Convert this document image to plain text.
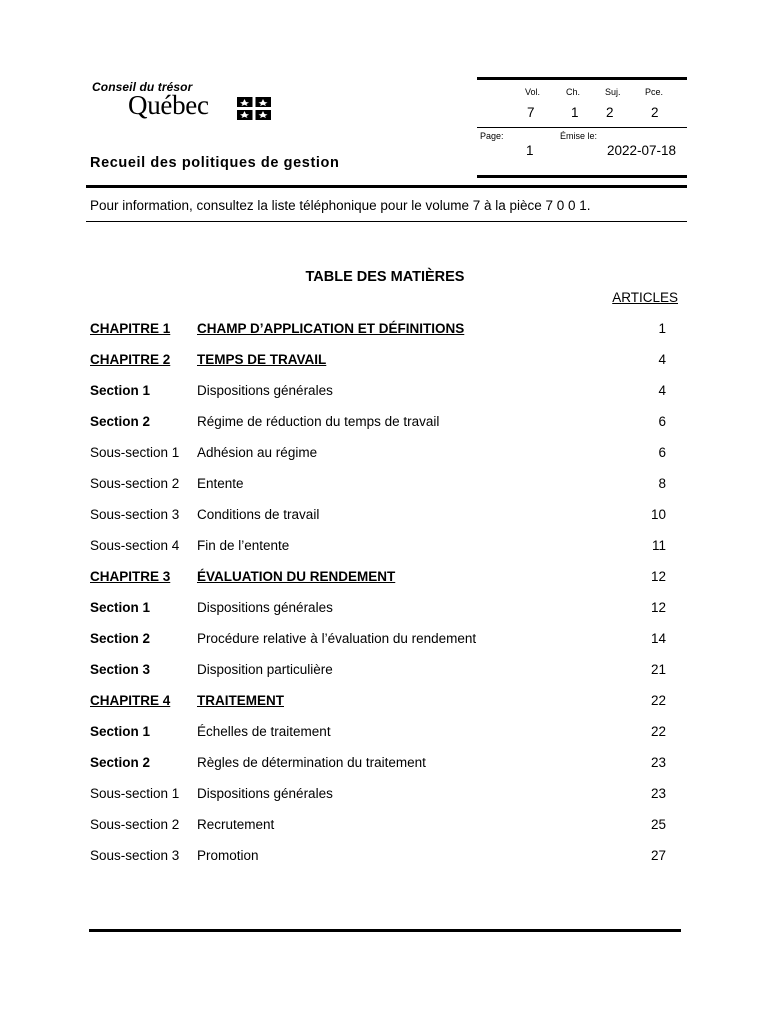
Conseil du trésor
Québec
Recueil des politiques de gestion
Vol.	Ch.	Suj.	Pce.
7	1 2	2
Page:	Émise le:
1	2022-07-18
Pour information, consultez la liste téléphonique pour le volume 7 à la pièce 7 0 0 1.
TABLE DES MATIÈRES
ARTICLES
CHAPITRE 1 CHAMP D’APPLICATION ET DÉFINITIONS	1
CHAPITRE 2 TEMPS DE TRAVAIL	4
Section 1	Dispositions générales	4
Section 2	Régime de réduction du temps de travail	6
Sous-section 1 Adhésion au régime	6
Sous-section 2 Entente	8
Sous-section 3 Conditions de travail	10
Sous-section 4 Fin de l’entente	11
CHAPITRE 3 ÉVALUATION DU RENDEMENT	12
Section 1	Dispositions générales	12
Section 2	Procédure relative à l’évaluation du rendement	14
Section 3	Disposition particulière	21
CHAPITRE 4 TRAITEMENT	22
Section 1	Échelles de traitement	22
Section 2	Règles de détermination du traitement	23
Sous-section 1 Dispositions générales	23
Sous-section 2 Recrutement	25
Sous-section 3 Promotion	27
